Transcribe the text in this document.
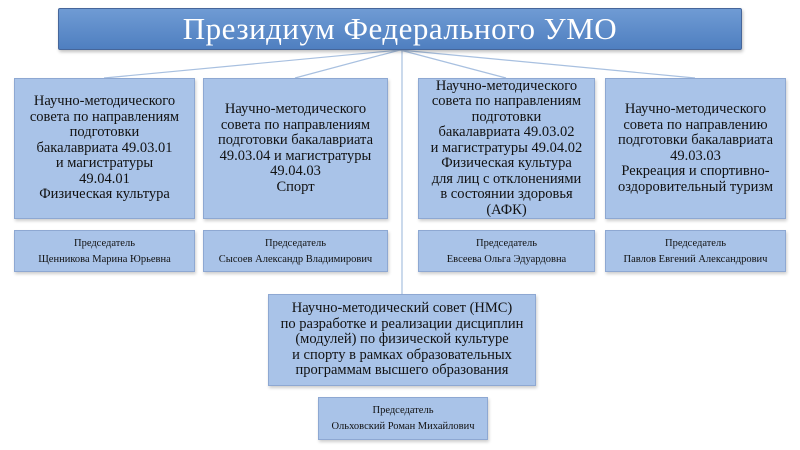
Президиум Федерального УМО
Научно-методического
совета по направлениям
подготовки
бакалавриата 49.03.01
и магистратуры
49.04.01
Физическая культура
Научно-методического
совета по направлениям
подготовки бакалавриата
49.03.04 и магистратуры
49.04.03
Спорт
Научно-методического
совета по направлениям
подготовки
бакалавриата 49.03.02
и магистратуры 49.04.02
Физическая культура
для лиц с отклонениями
в состоянии здоровья
(АФК)
Научно-методического
совета по направлению
подготовки бакалавриата
49.03.03
Рекреация и спортивно-
оздоровительный туризм
Председатель
Щенникова Марина Юрьевна
Председатель
Сысоев Александр Владимирович
Председатель
Евсеева Ольга Эдуардовна
Председатель
Павлов Евгений Александрович
Научно-методический совет (НМС)
по разработке и реализации дисциплин
(модулей) по физической культуре
и спорту в рамках образовательных
программам высшего образования
Председатель
Ольховский Роман Михайлович
